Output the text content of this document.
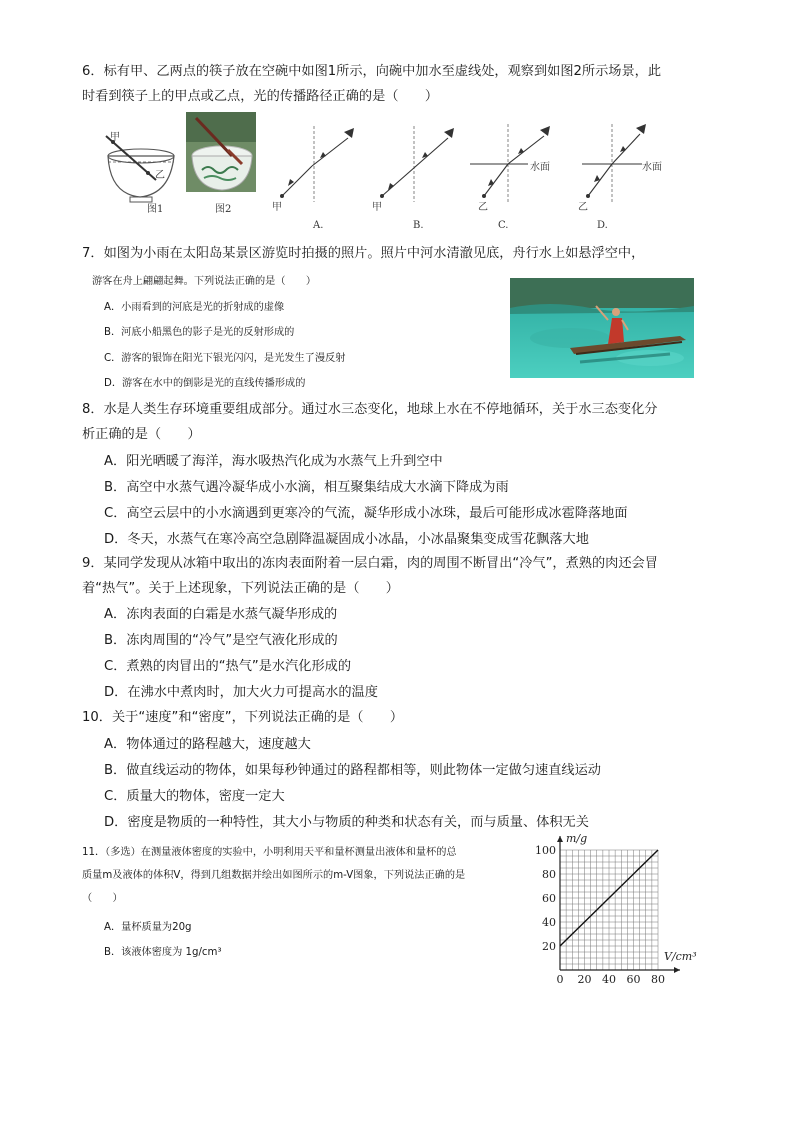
6．标有甲、乙两点的筷子放在空碗中如图1所示，向碗中加水至虚线处，观察到如图2所示场景，此
时看到筷子上的甲点或乙点，光的传播路径正确的是（　　）
甲
乙
图1	图2	甲
A.
甲
B.
水面
乙
C.
水面
乙
D.
7．如图为小雨在太阳岛某景区游览时拍摄的照片。照片中河水清澈见底，舟行水上如悬浮空中，
游客在舟上翩翩起舞。下列说法正确的是（　　）
A．小雨看到的河底是光的折射成的虚像
B．河底小船黑色的影子是光的反射形成的
C．游客的银饰在阳光下银光闪闪，是光发生了漫反射
D．游客在水中的倒影是光的直线传播形成的
8．水是人类生存环境重要组成部分。通过水三态变化，地球上水在不停地循环，关于水三态变化分
析正确的是（　　）
A．阳光晒暖了海洋，海水吸热汽化成为水蒸气上升到空中
B．高空中水蒸气遇冷凝华成小水滴，相互聚集结成大水滴下降成为雨
C．高空云层中的小水滴遇到更寒冷的气流，凝华形成小冰珠，最后可能形成冰雹降落地面
D．冬天，水蒸气在寒冷高空急剧降温凝固成小冰晶，小冰晶聚集变成雪花飘落大地
9．某同学发现从冰箱中取出的冻肉表面附着一层白霜，肉的周围不断冒出“冷气”，煮熟的肉还会冒
着“热气”。关于上述现象，下列说法正确的是（　　）
A．冻肉表面的白霜是水蒸气凝华形成的
B．冻肉周围的“冷气”是空气液化形成的
C．煮熟的肉冒出的“热气”是水汽化形成的
D．在沸水中煮肉时，加大火力可提高水的温度
10．关于“速度”和“密度”，下列说法正确的是（　　）
A．物体通过的路程越大，速度越大
B．做直线运动的物体，如果每秒钟通过的路程都相等，则此物体一定做匀速直线运动
C．质量大的物体，密度一定大
D．密度是物质的一种特性，其大小与物质的种类和状态有关，而与质量、体积无关
11．（多选）在测量液体密度的实验中，小明利用天平和量杯测量出液体和量杯的总
质量m及液体的体积V，得到几组数据并绘出如图所示的m-V图象，下列说法正确的是
（　　）
A．量杯质量为20g
B．该液体密度为 1g/cm³
0 20 40 60 80
20
40
60
80
100
V/cm³
m/g
